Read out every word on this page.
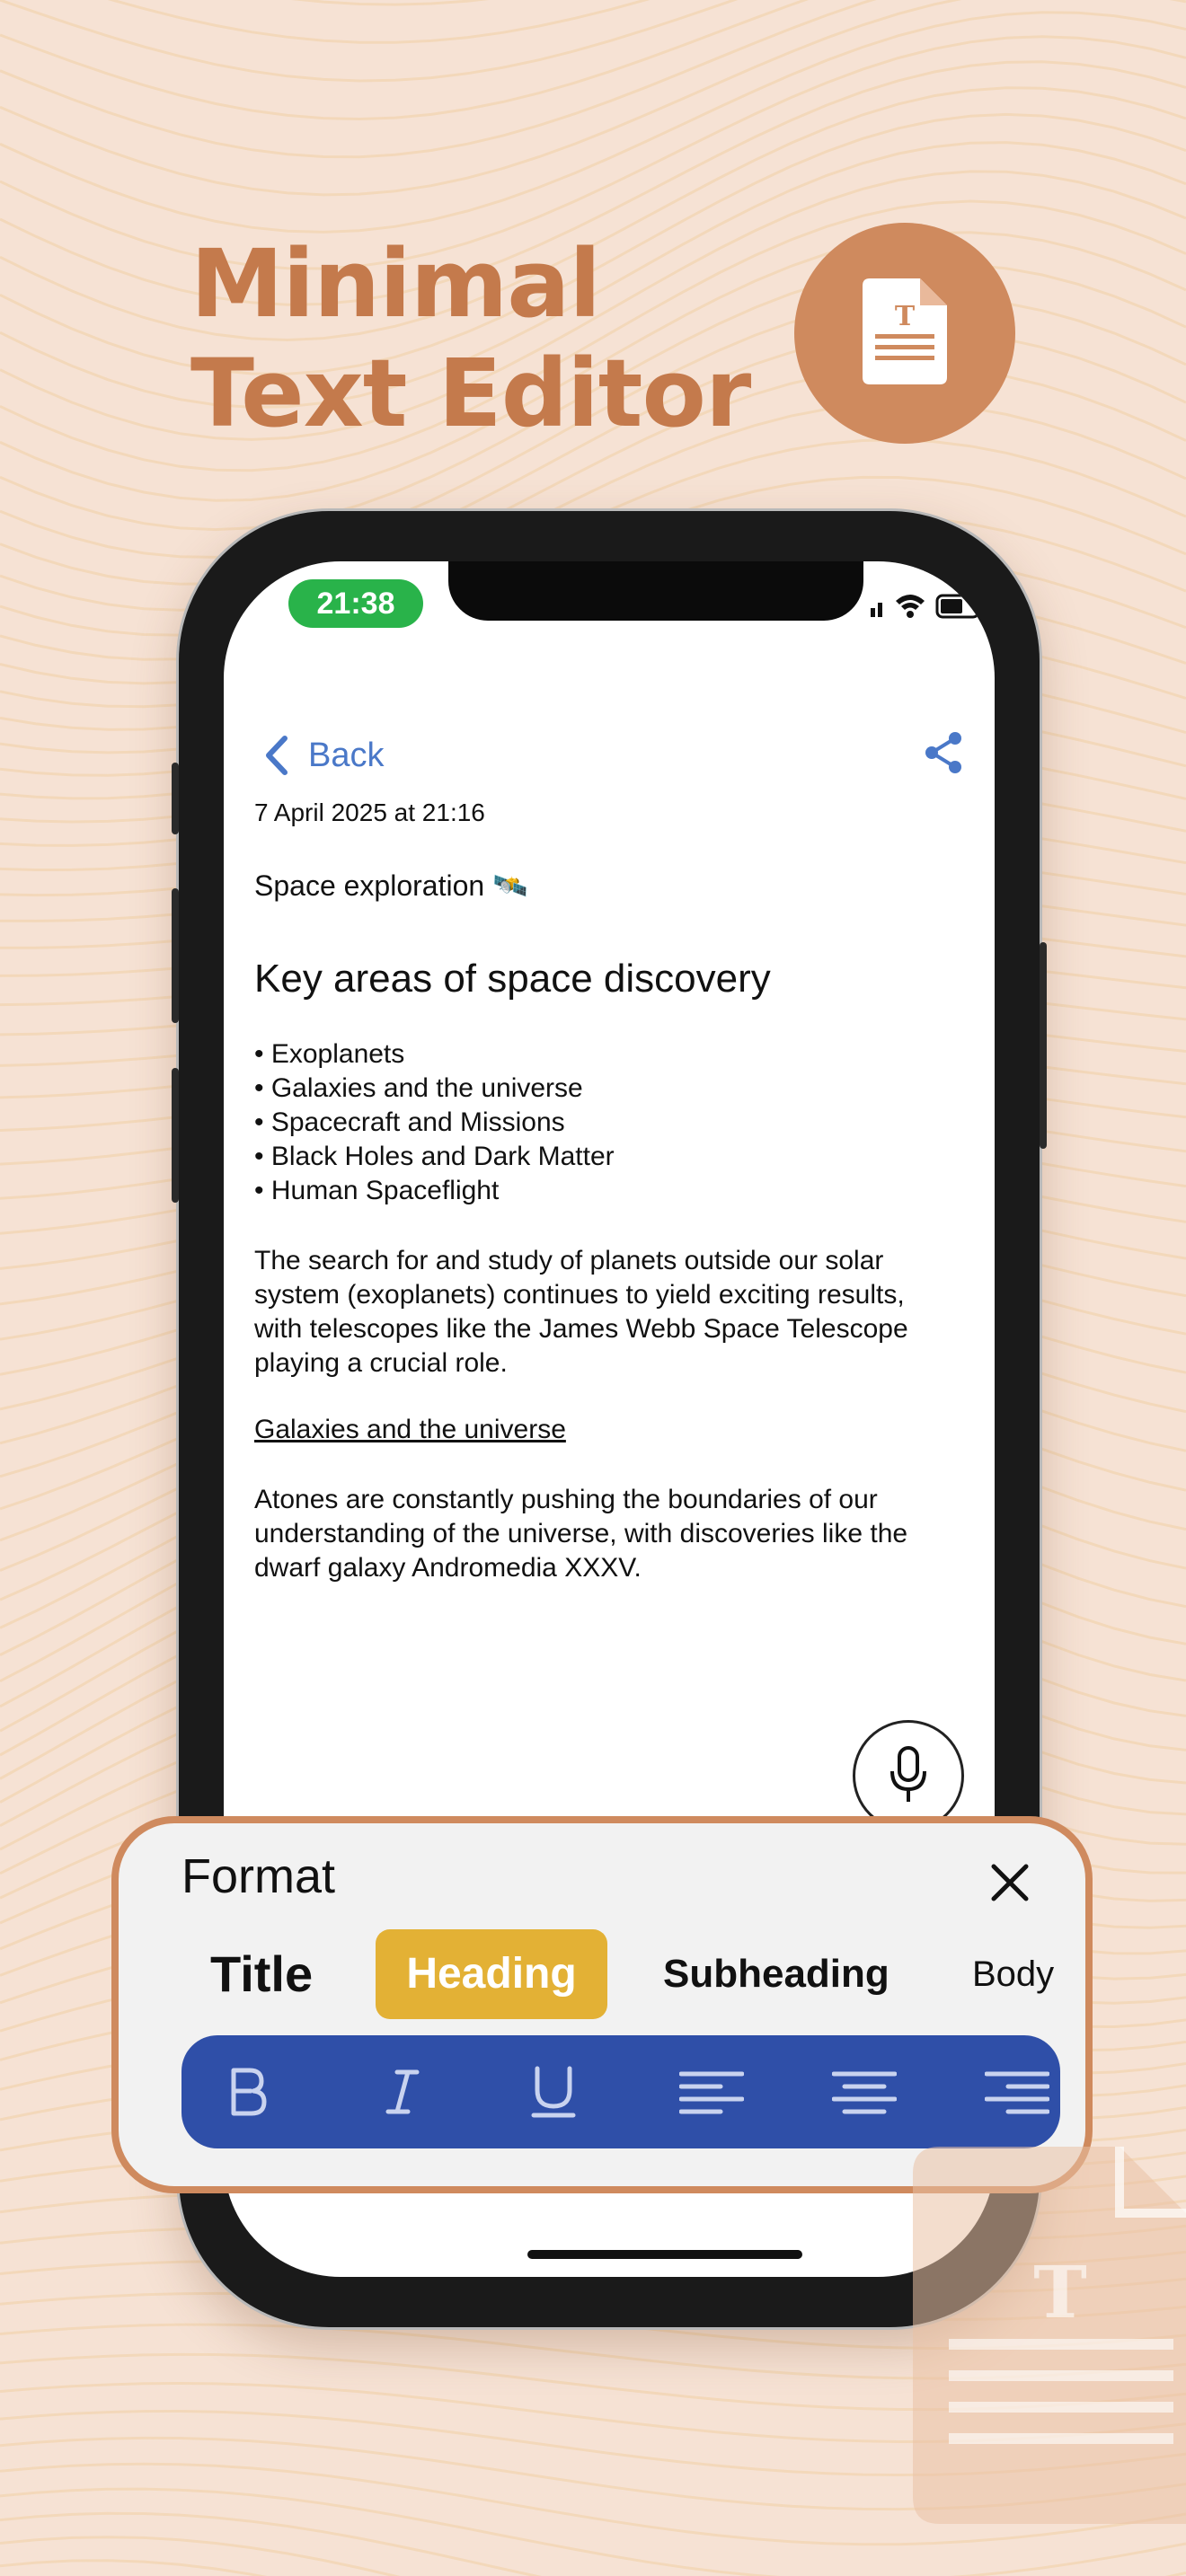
Minimal
Text Editor
T
21:38
Back
7 April 2025 at 21:16
Space exploration 🛰️
Key areas of space discovery
• Exoplanets
• Galaxies and the universe
• Spacecraft and Missions
• Black Holes and Dark Matter
• Human Spaceflight

The search for and study of planets outside our solar system (exoplanets) continues to yield exciting results, with telescopes like the James Webb Space Telescope playing a crucial role.

Galaxies and the universe

Atones are constantly pushing the boundaries of our understanding of the universe, with discoveries like the dwarf galaxy Andromedia XXXV.

Format
Title	Heading	Subheading Body
T
